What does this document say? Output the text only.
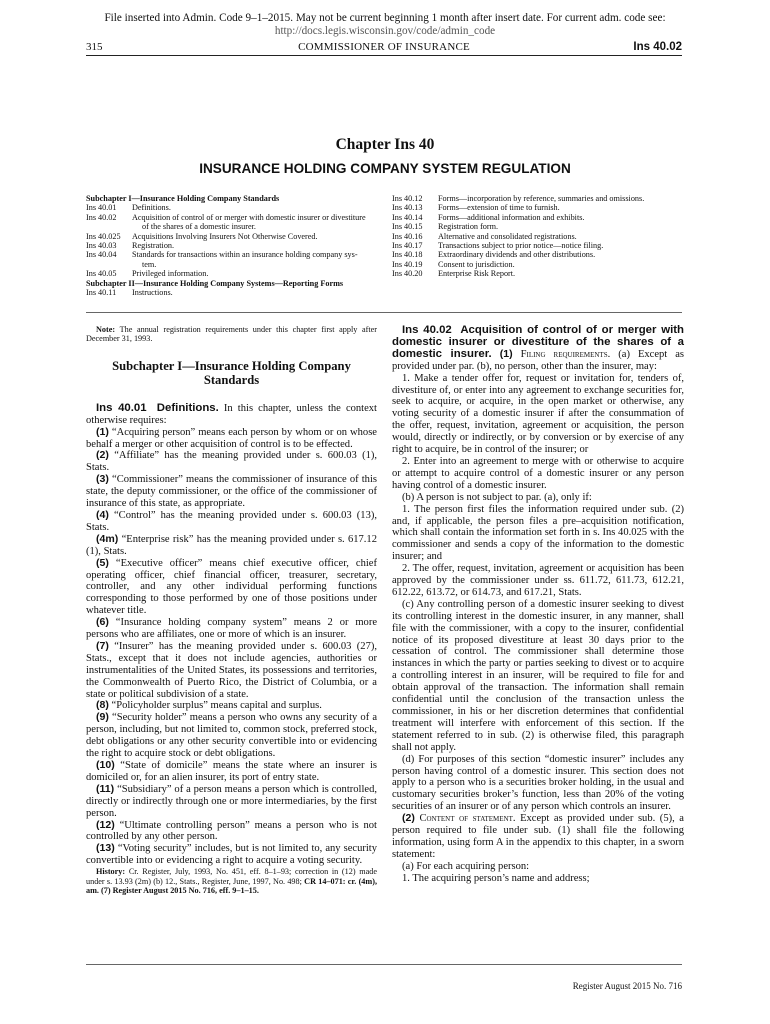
File inserted into Admin. Code 9–1–2015. May not be current beginning 1 month after insert date. For current adm. code see:
http://docs.legis.wisconsin.gov/code/admin_code
315	COMMISSIONER OF INSURANCE	Ins 40.02
Chapter Ins 40
INSURANCE HOLDING COMPANY SYSTEM REGULATION
Subchapter I—Insurance Holding Company Standards
Ins 40.01	Definitions.
Ins 40.02	Acquisition of control of or merger with domestic insurer or divestiture
of the shares of a domestic insurer.
Ins 40.025	Acquisitions Involving Insurers Not Otherwise Covered.
Ins 40.03	Registration.
Ins 40.04	Standards for transactions within an insurance holding company sys-
tem.
Ins 40.05	Privileged information.
Subchapter II—Insurance Holding Company Systems—Reporting Forms
Ins 40.11	Instructions.
Ins 40.12	Forms—incorporation by reference, summaries and omissions.
Ins 40.13	Forms—extension of time to furnish.
Ins 40.14	Forms—additional information and exhibits.
Ins 40.15	Registration form.
Ins 40.16	Alternative and consolidated registrations.
Ins 40.17	Transactions subject to prior notice—notice filing.
Ins 40.18	Extraordinary dividends and other distributions.
Ins 40.19	Consent to jurisdiction.
Ins 40.20	Enterprise Risk Report.

Note: The annual registration requirements under this chapter first apply after December 31, 1993.

Subchapter I—Insurance Holding Company Standards

Ins 40.01 Definitions. In this chapter, unless the context otherwise requires:

(1) “Acquiring person” means each person by whom or on whose behalf a merger or other acquisition of control is to be effected.

(2) “Affiliate” has the meaning provided under s. 600.03 (1), Stats.

(3) “Commissioner” means the commissioner of insurance of this state, the deputy commissioner, or the office of the commissioner of insurance of this state, as appropriate.

(4) “Control” has the meaning provided under s. 600.03 (13), Stats.

(4m) “Enterprise risk” has the meaning provided under s. 617.12 (1), Stats.

(5) “Executive officer” means chief executive officer, chief operating officer, chief financial officer, treasurer, secretary, controller, and any other individual performing functions corresponding to those performed by one of those positions under whatever title.

(6) “Insurance holding company system” means 2 or more persons who are affiliates, one or more of which is an insurer.

(7) “Insurer” has the meaning provided under s. 600.03 (27), Stats., except that it does not include agencies, authorities or instrumentalities of the United States, its possessions and territories, the Commonwealth of Puerto Rico, the District of Columbia, or a state or political subdivision of a state.

(8) “Policyholder surplus” means capital and surplus.

(9) “Security holder” means a person who owns any security of a person, including, but not limited to, common stock, preferred stock, debt obligations or any other security convertible into or evidencing the right to acquire stock or debt obligations.

(10) “State of domicile” means the state where an insurer is domiciled or, for an alien insurer, its port of entry state.

(11) “Subsidiary” of a person means a person which is controlled, directly or indirectly through one or more intermediaries, by the first person.

(12) “Ultimate controlling person” means a person who is not controlled by any other person.

(13) “Voting security” includes, but is not limited to, any security convertible into or evidencing a right to acquire a voting security.

History: Cr. Register, July, 1993, No. 451, eff. 8–1–93; correction in (12) made under s. 13.93 (2m) (b) 12., Stats., Register, June, 1997, No. 498; CR 14–071: cr. (4m), am. (7) Register August 2015 No. 716, eff. 9–1–15.

Ins 40.02 Acquisition of control of or merger with domestic insurer or divestiture of the shares of a domestic insurer. (1) Filing requirements. (a) Except as provided under par. (b), no person, other than the insurer, may:

1. Make a tender offer for, request or invitation for, tenders of, divestiture of, or enter into any agreement to exchange securities for, seek to acquire, or acquire, in the open market or otherwise, any voting security of a domestic insurer if after the consummation of the offer, request, invitation, agreement or acquisition, the person would, directly or indirectly, or by conversion or by exercise of any right to acquire, be in control of the insurer; or

2. Enter into an agreement to merge with or otherwise to acquire or attempt to acquire control of a domestic insurer or any person having control of a domestic insurer.

(b) A person is not subject to par. (a), only if:

1. The person first files the information required under sub. (2) and, if applicable, the person files a pre–acquisition notification, which shall contain the information set forth in s. Ins 40.025 with the commissioner and sends a copy of the information to the domestic insurer; and

2. The offer, request, invitation, agreement or acquisition has been approved by the commissioner under ss. 611.72, 611.73, 612.21, 612.22, 613.72, or 614.73, and 617.21, Stats.

(c) Any controlling person of a domestic insurer seeking to divest its controlling interest in the domestic insurer, in any manner, shall file with the commissioner, with a copy to the insurer, confidential notice of its proposed divestiture at least 30 days prior to the cessation of control. The commissioner shall determine those instances in which the party or parties seeking to divest or to acquire a controlling interest in an insurer, will be required to file for and obtain approval of the transaction. The information shall remain confidential until the conclusion of the transaction unless the commissioner, in his or her discretion determines that confidential treatment will interfere with enforcement of this section. If the statement referred to in sub. (2) is otherwise filed, this paragraph shall not apply.

(d) For purposes of this section “domestic insurer” includes any person having control of a domestic insurer. This section does not apply to a person who is a securities broker holding, in the usual and customary securities broker’s function, less than 20% of the voting securities of an insurer or of any person which controls an insurer.

(2) Content of statement. Except as provided under sub. (5), a person required to file under sub. (1) shall file the following information, using form A in the appendix to this chapter, in a sworn statement:

(a) For each acquiring person:

1. The acquiring person’s name and address;

Register August 2015 No. 716
